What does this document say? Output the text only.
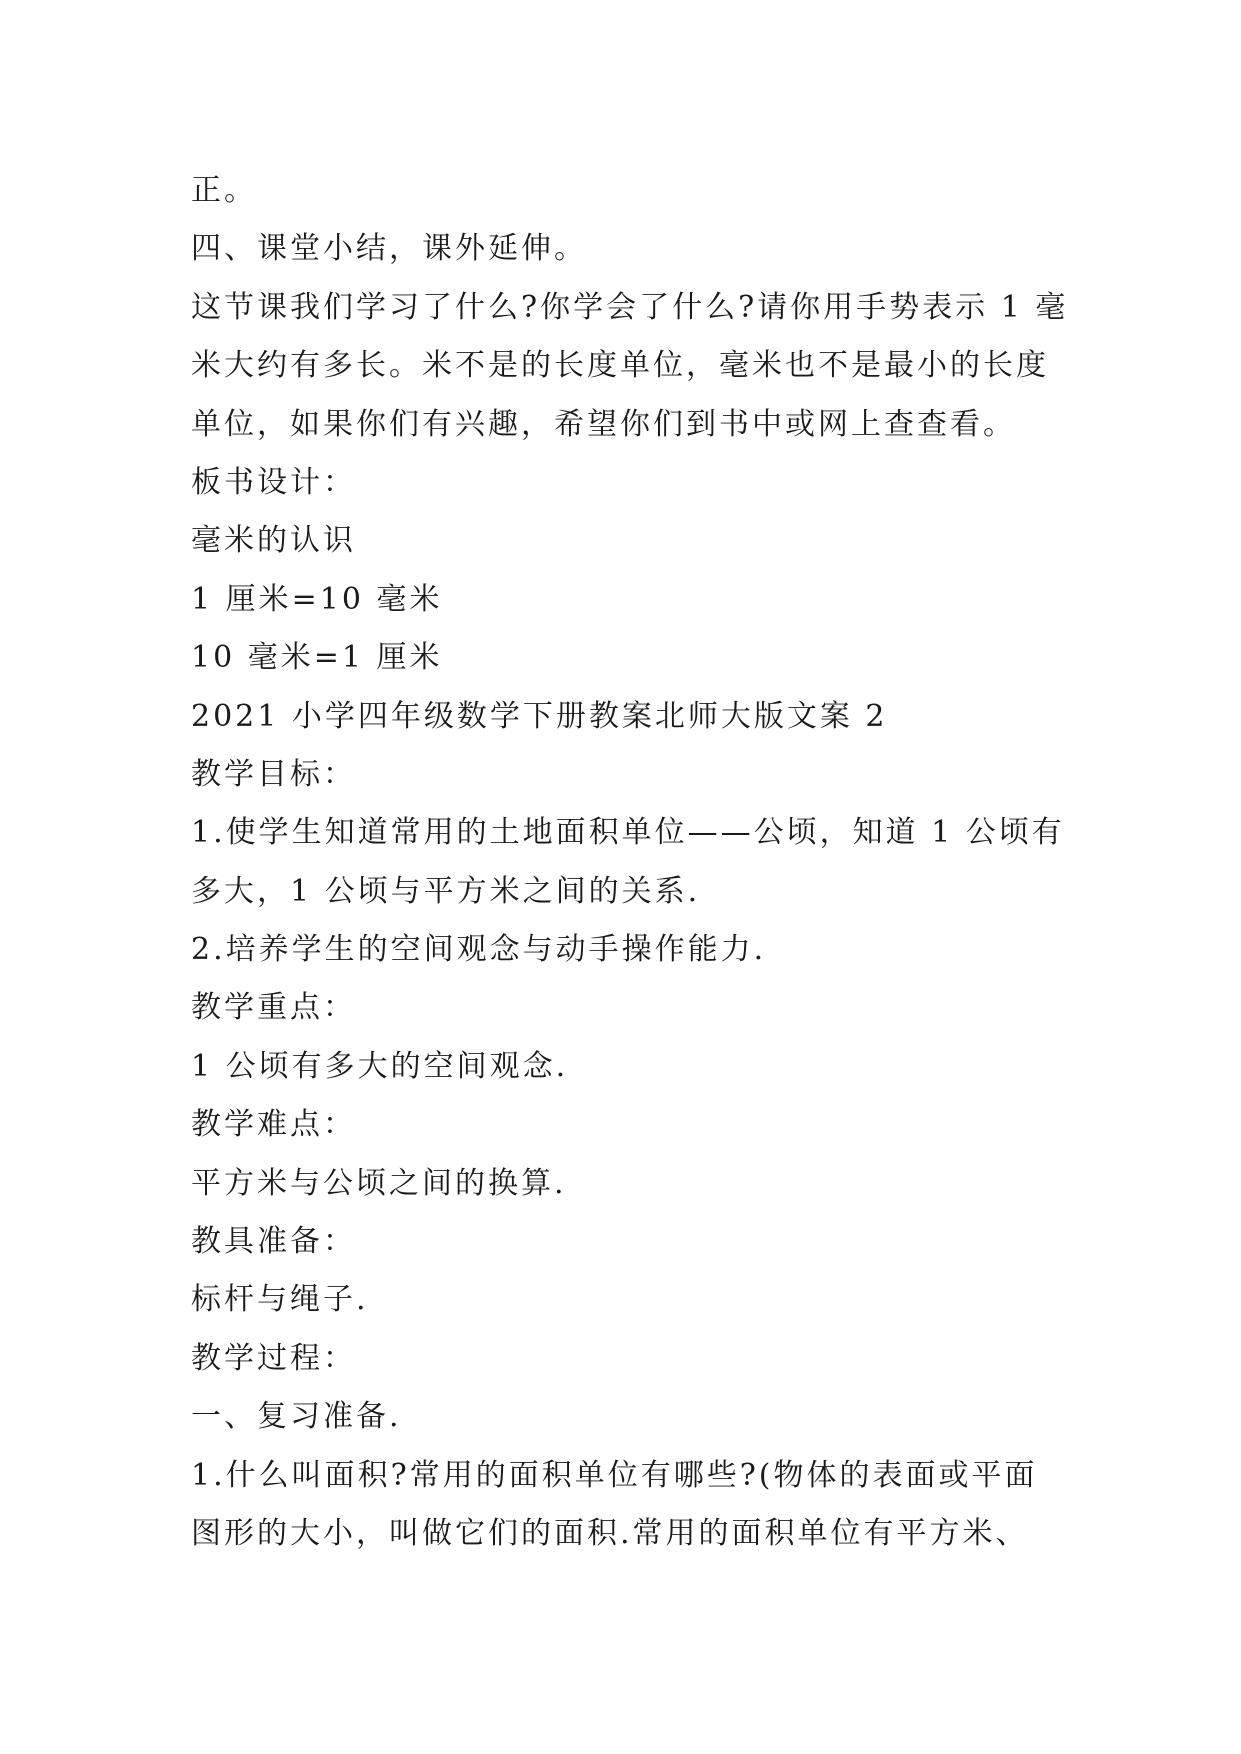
正。
四、课堂小结，课外延伸。
这节课我们学习了什么?你学会了什么?请你用手势表示 1 毫
米大约有多长。米不是的长度单位，毫米也不是最小的长度
单位，如果你们有兴趣，希望你们到书中或网上查查看。
板书设计：
毫米的认识
1 厘米=10 毫米
10 毫米=1 厘米
2021 小学四年级数学下册教案北师大版文案 2
教学目标：
1.使学生知道常用的土地面积单位——公顷，知道 1 公顷有
多大，1 公顷与平方米之间的关系.
2.培养学生的空间观念与动手操作能力.
教学重点：
1 公顷有多大的空间观念.
教学难点：
平方米与公顷之间的换算.
教具准备：
标杆与绳子.
教学过程：
一、复习准备.
1.什么叫面积?常用的面积单位有哪些?(物体的表面或平面
图形的大小，叫做它们的面积.常用的面积单位有平方米、
